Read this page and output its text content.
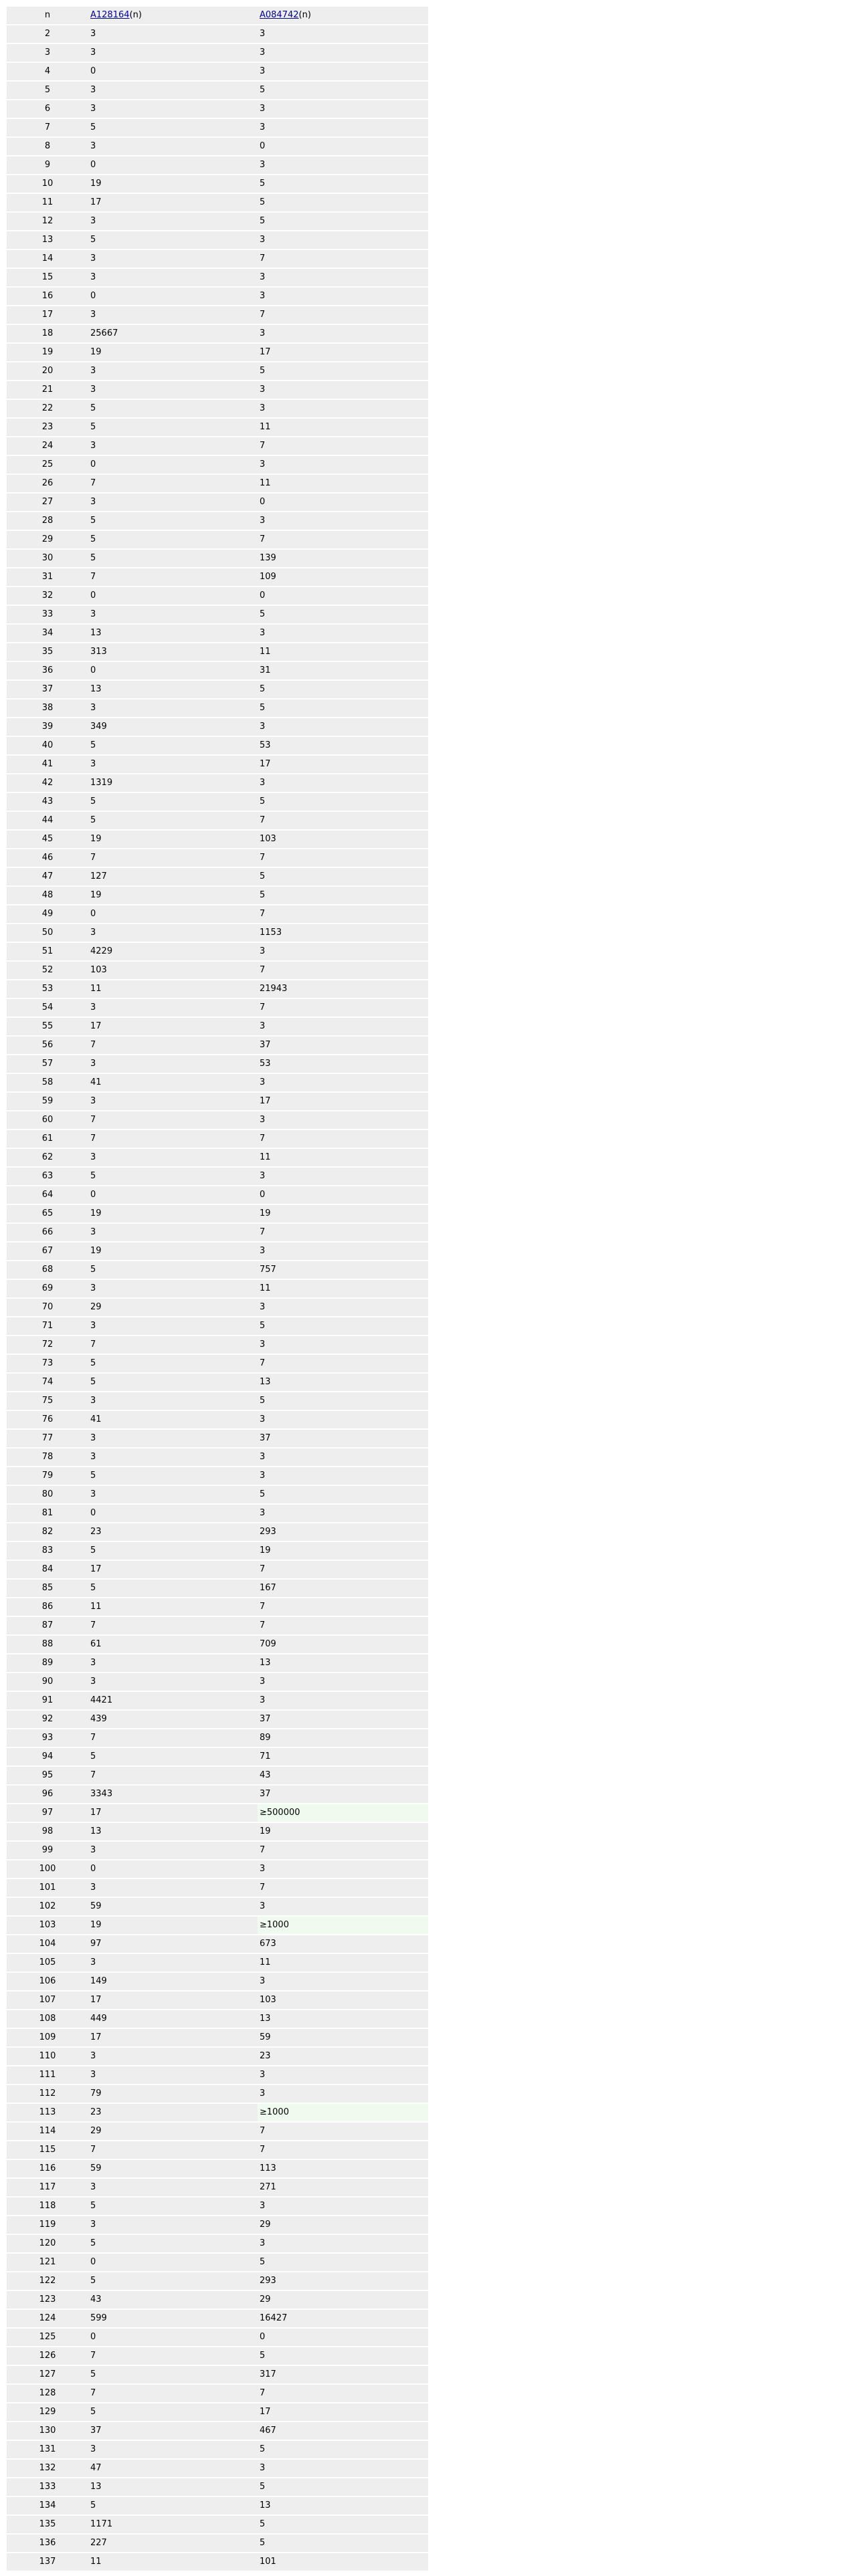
n	A128164(n)	A084742(n)
2	3	3
3	3	3
4	0	3
5	3	5
6	3	3
7	5	3
8	3	0
9	0	3
10	19	5
11	17	5
12	3	5
13	5	3
14	3	7
15	3	3
16	0	3
17	3	7
18	25667	3
19	19	17
20	3	5
21	3	3
22	5	3
23	5	11
24	3	7
25	0	3
26	7	11
27	3	0
28	5	3
29	5	7
30	5	139
31	7	109
32	0	0
33	3	5
34	13	3
35	313	11
36	0	31
37	13	5
38	3	5
39	349	3
40	5	53
41	3	17
42	1319	3
43	5	5
44	5	7
45	19	103
46	7	7
47	127	5
48	19	5
49	0	7
50	3	1153
51	4229	3
52	103	7
53	11	21943
54	3	7
55	17	3
56	7	37
57	3	53
58	41	3
59	3	17
60	7	3
61	7	7
62	3	11
63	5	3
64	0	0
65	19	19
66	3	7
67	19	3
68	5	757
69	3	11
70	29	3
71	3	5
72	7	3
73	5	7
74	5	13
75	3	5
76	41	3
77	3	37
78	3	3
79	5	3
80	3	5
81	0	3
82	23	293
83	5	19
84	17	7
85	5	167
86	11	7
87	7	7
88	61	709
89	3	13
90	3	3
91	4421	3
92	439	37
93	7	89
94	5	71
95	7	43
96	3343	37
97	17	≥500000
98	13	19
99	3	7
100	0	3
101	3	7
102	59	3
103	19	≥1000
104	97	673
105	3	11
106	149	3
107	17	103
108	449	13
109	17	59
110	3	23
111	3	3
112	79	3
113	23	≥1000
114	29	7
115	7	7
116	59	113
117	3	271
118	5	3
119	3	29
120	5	3
121	0	5
122	5	293
123	43	29
124	599	16427
125	0	0
126	7	5
127	5	317
128	7	7
129	5	17
130	37	467
131	3	5
132	47	3
133	13	5
134	5	13
135	1171	5
136	227	5
137	11	101
